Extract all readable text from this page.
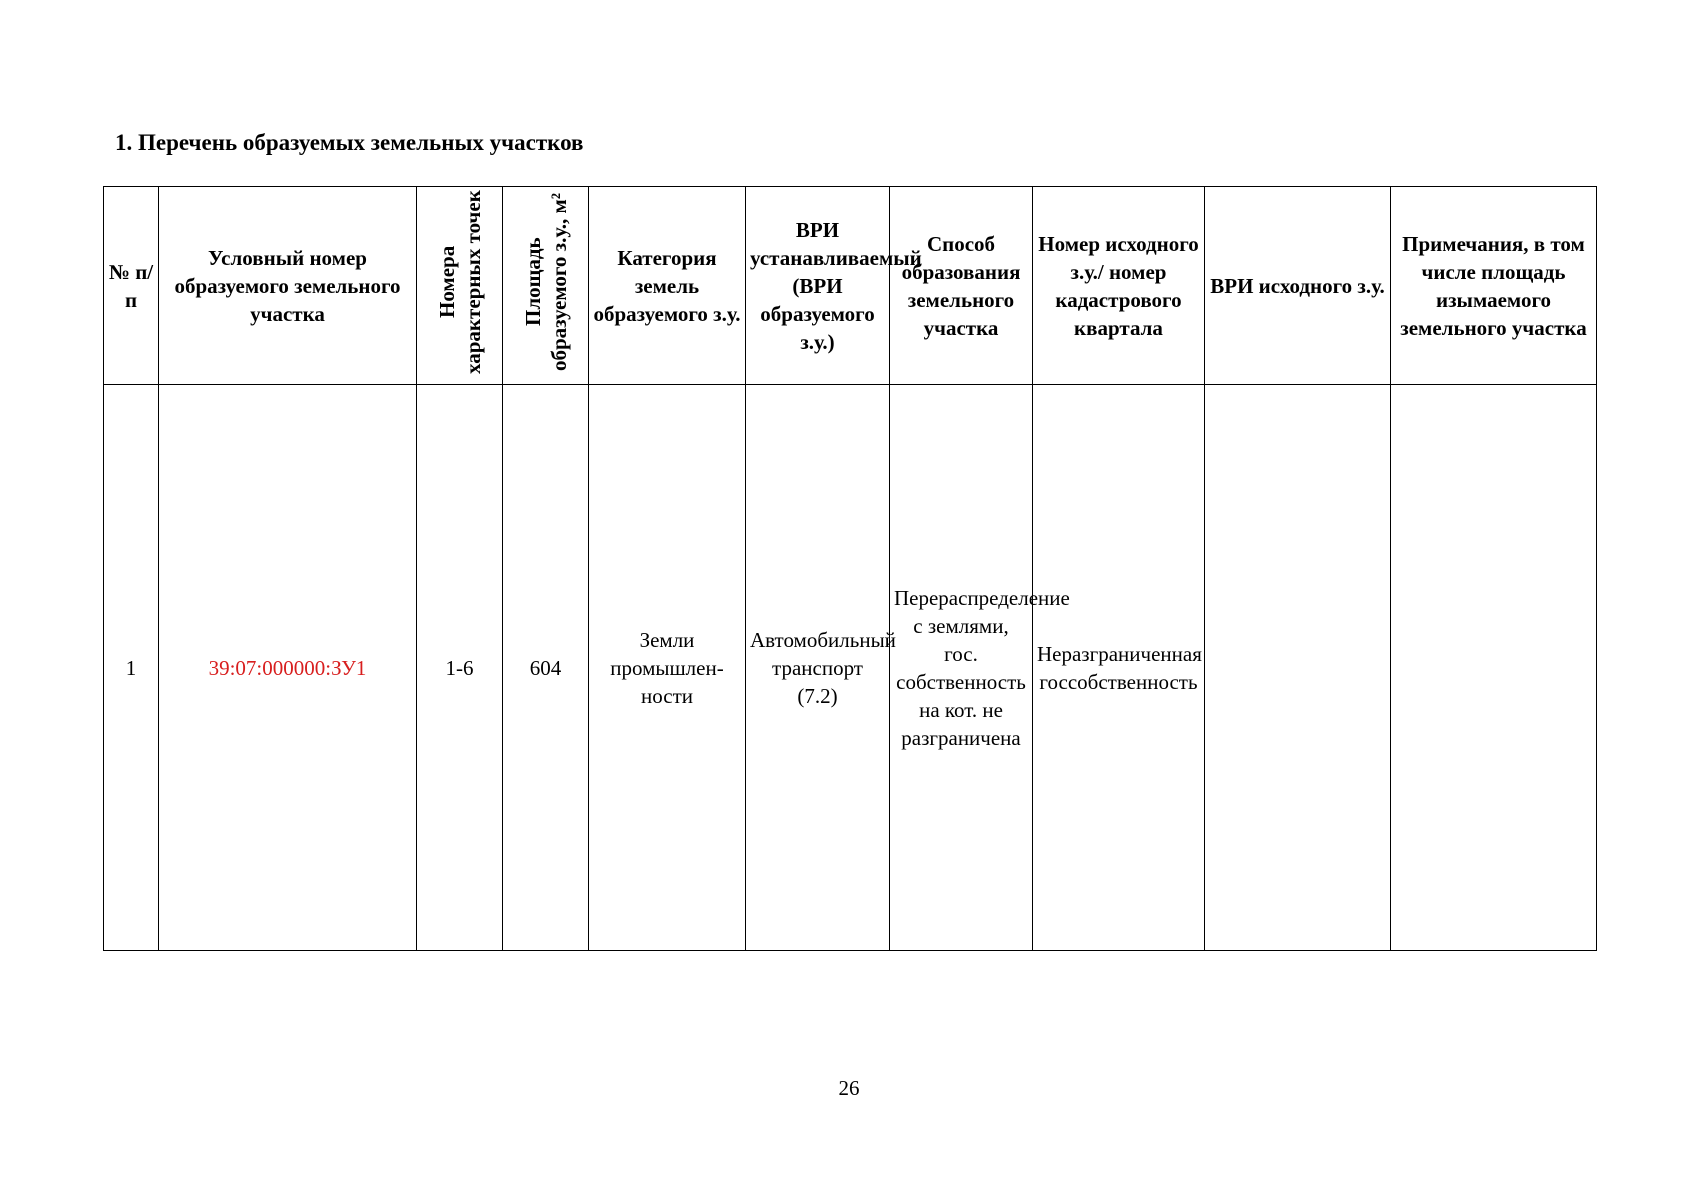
1. Перечень образуемых земельных участков
№ п/п	Условный номер образуемого земельного участка	Номера характерных точек	Площадь образуемого з.у., м²	Категория земель образуемого з.у.	ВРИ устанавливаемый (ВРИ образуемого з.у.)	Способ образования земельного участка	Номер исходного з.у./ номер кадастрового квартала	ВРИ исходного з.у.	Примечания, в том числе площадь изымаемого земельного участка
1	39:07:000000:ЗУ1	1-6	604	Земли промышлен-ности	Автомобильный транспорт (7.2)	Перераспределение с землями, гос. собственность на кот. не разграничена	Неразграниченная госсобственность		
26
